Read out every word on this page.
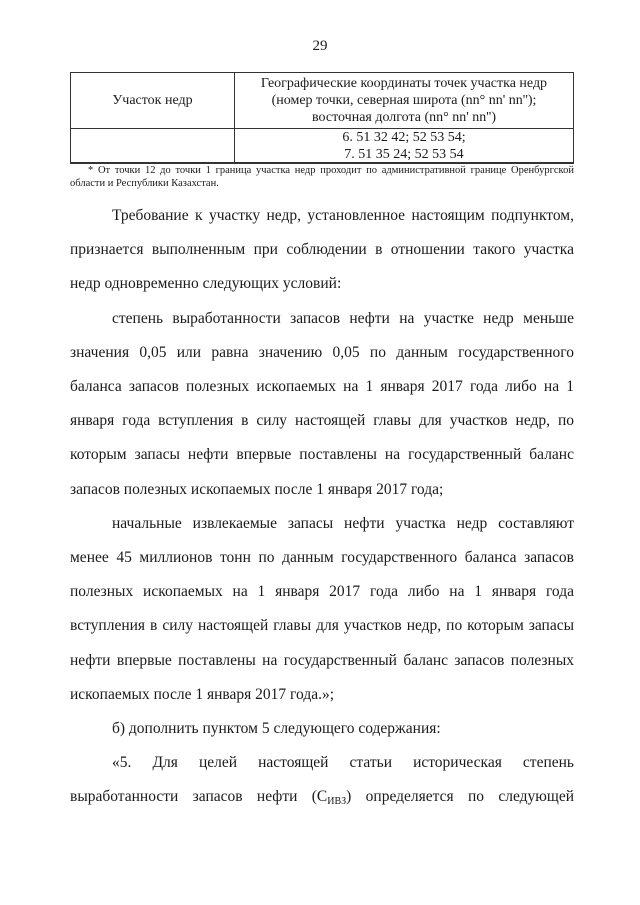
29
Участок недр	Географические координаты точек участка недр
(номер точки, северная широта (nn° nn' nn'');
восточная долгота (nn° nn' nn'')

	6. 51 32 42; 52 53 54;
	7. 51 35 24; 52 53 54
* От точки 12 до точки 1 граница участка недр проходит по административной границе Оренбургской области и Республики Казахстан.

Требование к участку недр, установленное настоящим подпунктом, признается выполненным при соблюдении в отношении такого участка недр одновременно следующих условий:

степень выработанности запасов нефти на участке недр меньше значения 0,05 или равна значению 0,05 по данным государственного баланса запасов полезных ископаемых на 1 января 2017 года либо на 1 января года вступления в силу настоящей главы для участков недр, по которым запасы нефти впервые поставлены на государственный баланс запасов полезных ископаемых после 1 января 2017 года;

начальные извлекаемые запасы нефти участка недр составляют менее 45 миллионов тонн по данным государственного баланса запасов полезных ископаемых на 1 января 2017 года либо на 1 января года вступления в силу настоящей главы для участков недр, по которым запасы нефти впервые поставлены на государственный баланс запасов полезных ископаемых после 1 января 2017 года.»;

б) дополнить пунктом 5 следующего содержания:

«5. Для целей настоящей статьи историческая степень выработанности запасов нефти $(С_{ИВЗ})$ определяется по следующей
